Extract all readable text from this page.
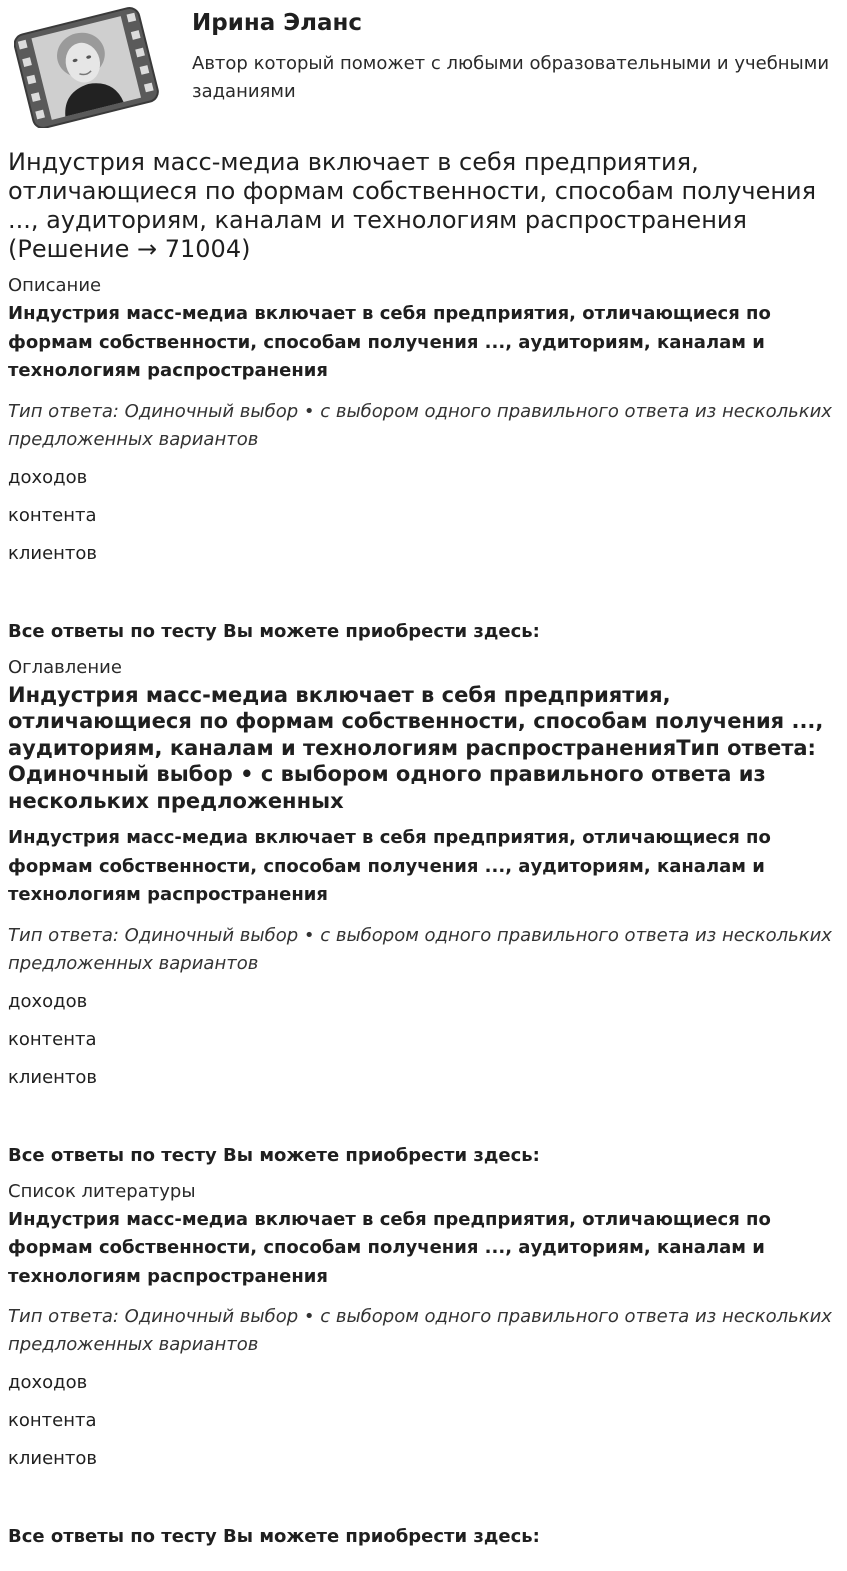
Ирина Эланс

Автор который поможет с любыми образовательными и учебными заданиями

Индустрия масс-медиа включает в себя предприятия, отличающиеся по формам собственности, способам получения ..., аудиториям, каналам и технологиям распространения (Решение → 71004)
Описание
Индустрия масс-медиа включает в себя предприятия, отличающиеся по формам собственности, способам получения ..., аудиториям, каналам и технологиям распространения
Тип ответа: Одиночный выбор • с выбором одного правильного ответа из нескольких предложенных вариантов
доходов
контента
клиентов
Все ответы по тесту Вы можете приобрести здесь:
Оглавление
Индустрия масс-медиа включает в себя предприятия, отличающиеся по формам собственности, способам получения ..., аудиториям, каналам и технологиям распространенияТип ответа: Одиночный выбор • с выбором одного правильного ответа из нескольких предложенных
Индустрия масс-медиа включает в себя предприятия, отличающиеся по формам собственности, способам получения ..., аудиториям, каналам и технологиям распространения
Тип ответа: Одиночный выбор • с выбором одного правильного ответа из нескольких предложенных вариантов
доходов
контента
клиентов
Все ответы по тесту Вы можете приобрести здесь:
Список литературы
Индустрия масс-медиа включает в себя предприятия, отличающиеся по формам собственности, способам получения ..., аудиториям, каналам и технологиям распространения
Тип ответа: Одиночный выбор • с выбором одного правильного ответа из нескольких предложенных вариантов
доходов
контента
клиентов
Все ответы по тесту Вы можете приобрести здесь:
